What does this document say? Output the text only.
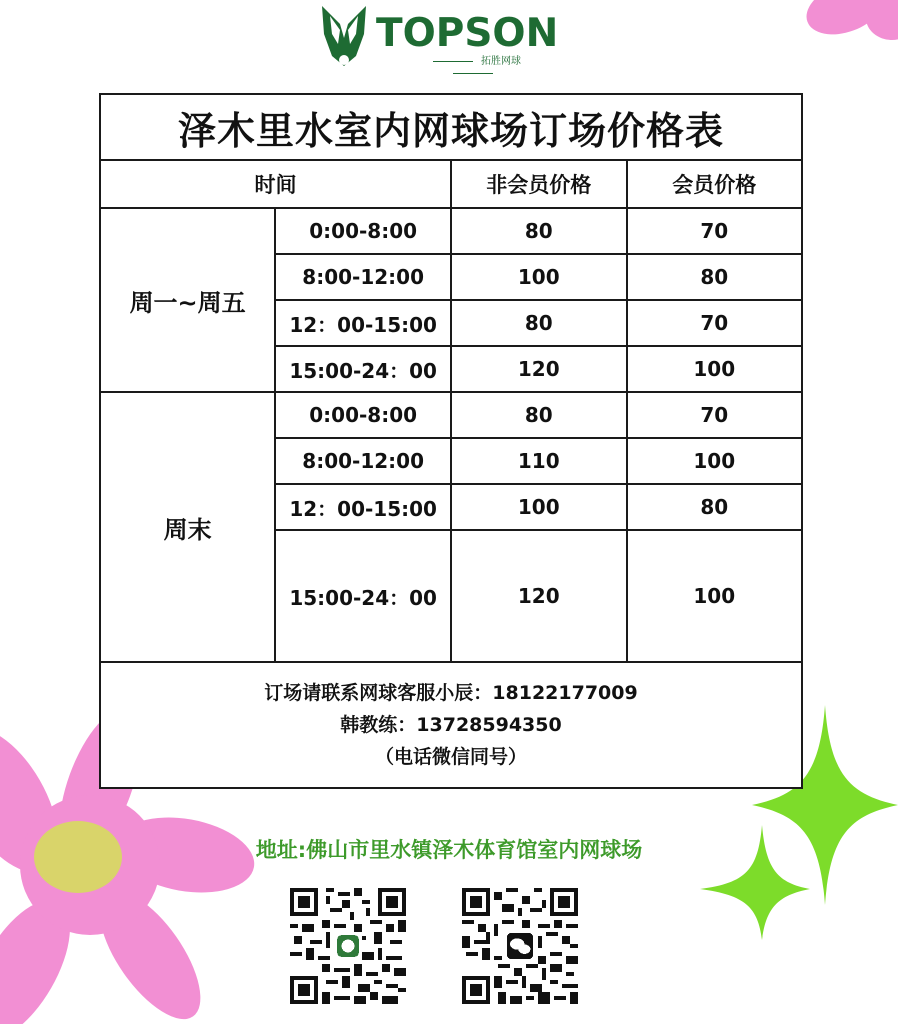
TOPSON
拓胜网球
泽木里水室内网球场订场价格表			
时间		非会员价格	会员价格
周一~周五	0:00-8:00	80	70
	8:00-12:00	100	80
	12：00-15:00	80	70
	15:00-24：00	120	100
周末	0:00-8:00	80	70
	8:00-12:00	110	100
	12：00-15:00	100	80
	15:00-24：00	120	100

订场请联系网球客服小辰：18122177009
韩教练：13728594350
（电话微信同号）			
地址:佛山市里水镇泽木体育馆室内网球场
